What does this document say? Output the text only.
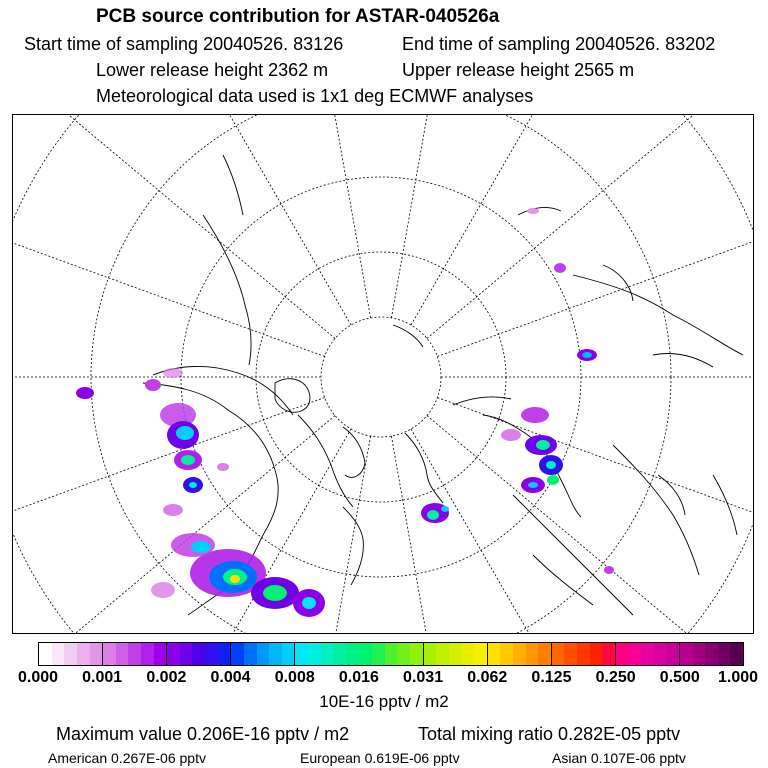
PCB source contribution for ASTAR-040526a
Start time of sampling 20040526. 83126	End time of sampling 20040526. 83202
Lower release height 2362 m	Upper release height 2565 m
Meteorological data used is 1x1 deg ECMWF analyses
0.000 0.001 0.002 0.004 0.008 0.016 0.031 0.062 0.125 0.250 0.500 1.000
10E-16 pptv / m2
Maximum value 0.206E-16 pptv / m2	Total mixing ratio 0.282E-05 pptv
American 0.267E-06 pptv	European 0.619E-06 pptv	Asian 0.107E-06 pptv
